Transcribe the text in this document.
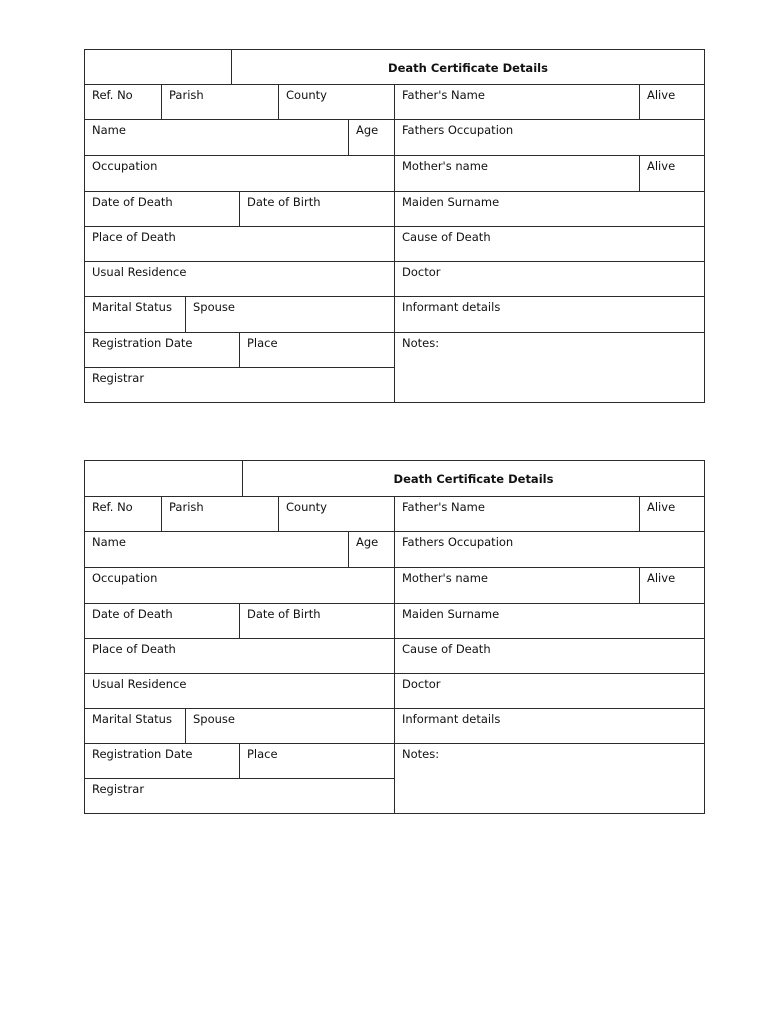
Death Certificate Details
Ref. No	Parish	County	Father's Name	Alive
Name	Age	Fathers Occupation
Occupation	Mother's name	Alive
Date of Death	Date of Birth	Maiden Surname
Place of Death	Cause of Death
Usual Residence	Doctor
Marital Status	Spouse	Informant details
Registration Date	Place	Notes:
Registrar
Death Certificate Details
Ref. No	Parish	County	Father's Name	Alive
Name	Age	Fathers Occupation
Occupation	Mother's name	Alive
Date of Death	Date of Birth	Maiden Surname
Place of Death	Cause of Death
Usual Residence	Doctor
Marital Status	Spouse	Informant details
Registration Date	Place	Notes:
Registrar
